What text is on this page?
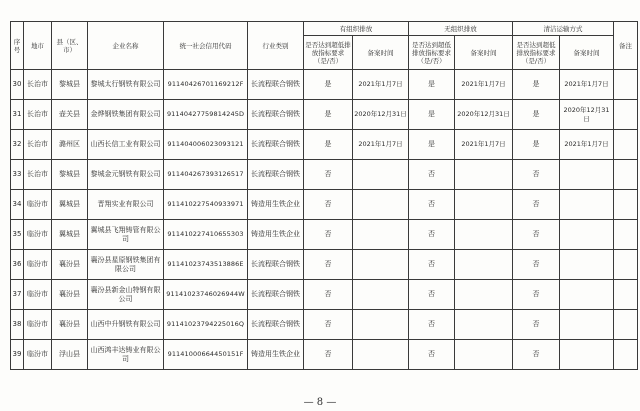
序号	地市	县（区、市）	企业名称	统一社会信用代码	行业类别	有组织排放		无组织排放		清洁运输方式		备注
						是否达到超低排放指标要求（是/否）	备案时间	是否达到超低排放指标要求（是/否）	备案时间	是否达到超低排放指标要求（是/否）	备案时间	
30	长治市	黎城县	黎城太行钢铁有限公司	91140426701169212F	长流程联合钢铁	是	2021年1月7日	是	2021年1月7日	是	2021年1月7日	
31	长治市	壶关县	金烨钢铁集团有限公司	91140427759814245D	长流程联合钢铁	是	2020年12月31日	是	2020年12月31日	是	2020年12月31日	
32	长治市	潞州区	山西长信工业有限公司	911404006023093121	长流程联合钢铁	是	2021年1月7日	是	2021年1月7日	是	2021年1月7日	
33	长治市	黎城县	黎城金元钢铁有限公司	911404267393126517	长流程联合钢铁	否		否		否		
34	临汾市	翼城县	晋翔实业有限公司	911410227540933971	铸造用生铁企业	否		否		否		
35	临汾市	翼城县	翼城县飞翔铸管有限公司	911410227410655303	铸造用生铁企业	否		否		否		
36	临汾市	襄汾县	襄汾县星原钢铁集团有限公司	91141023743513886E	长流程联合钢铁	否		否		否		
37	临汾市	襄汾县	襄汾县新金山特钢有限公司	91141023746026944W	长流程联合钢铁	否		否		否		
38	临汾市	襄汾县	山西中升钢铁有限公司	91141023794225016Q	长流程联合钢铁	否		否		否		
39	临汾市	浮山县	山西鸿丰达铸业有限公司	91141000664450151F	铸造用生铁企业	否		否		否		
— 8 —
